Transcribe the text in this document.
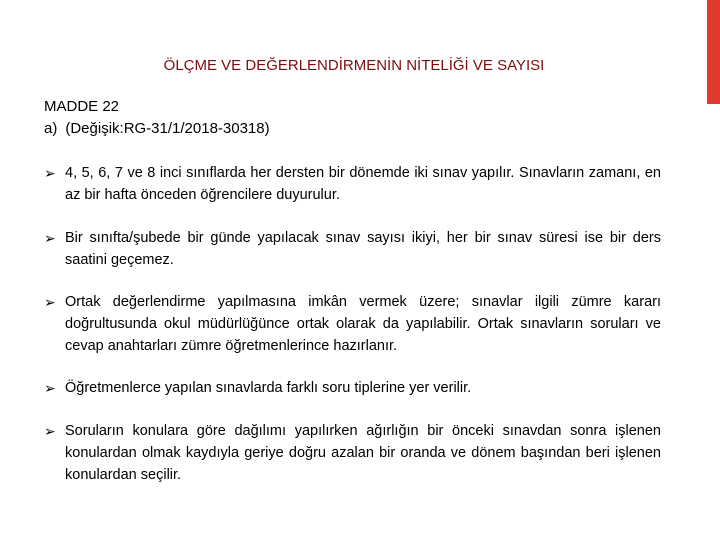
ÖLÇME VE DEĞERLENDİRMENİN NİTELİĞİ VE SAYISI
MADDE 22
a) (Değişik:RG-31/1/2018-30318)
➢ 4, 5, 6, 7 ve 8 inci sınıflarda her dersten bir dönemde iki sınav yapılır. Sınavların zamanı, en az bir hafta önceden öğrencilere duyurulur.
➢ Bir sınıfta/şubede bir günde yapılacak sınav sayısı ikiyi, her bir sınav süresi ise bir ders saatini geçemez.
➢ Ortak değerlendirme yapılmasına imkân vermek üzere; sınavlar ilgili zümre kararı doğrultusunda okul müdürlüğünce ortak olarak da yapılabilir. Ortak sınavların soruları ve cevap anahtarları zümre öğretmenlerince hazırlanır.
➢ Öğretmenlerce yapılan sınavlarda farklı soru tiplerine yer verilir.
➢ Soruların konulara göre dağılımı yapılırken ağırlığın bir önceki sınavdan sonra işlenen konulardan olmak kaydıyla geriye doğru azalan bir oranda ve dönem başından beri işlenen konulardan seçilir.
